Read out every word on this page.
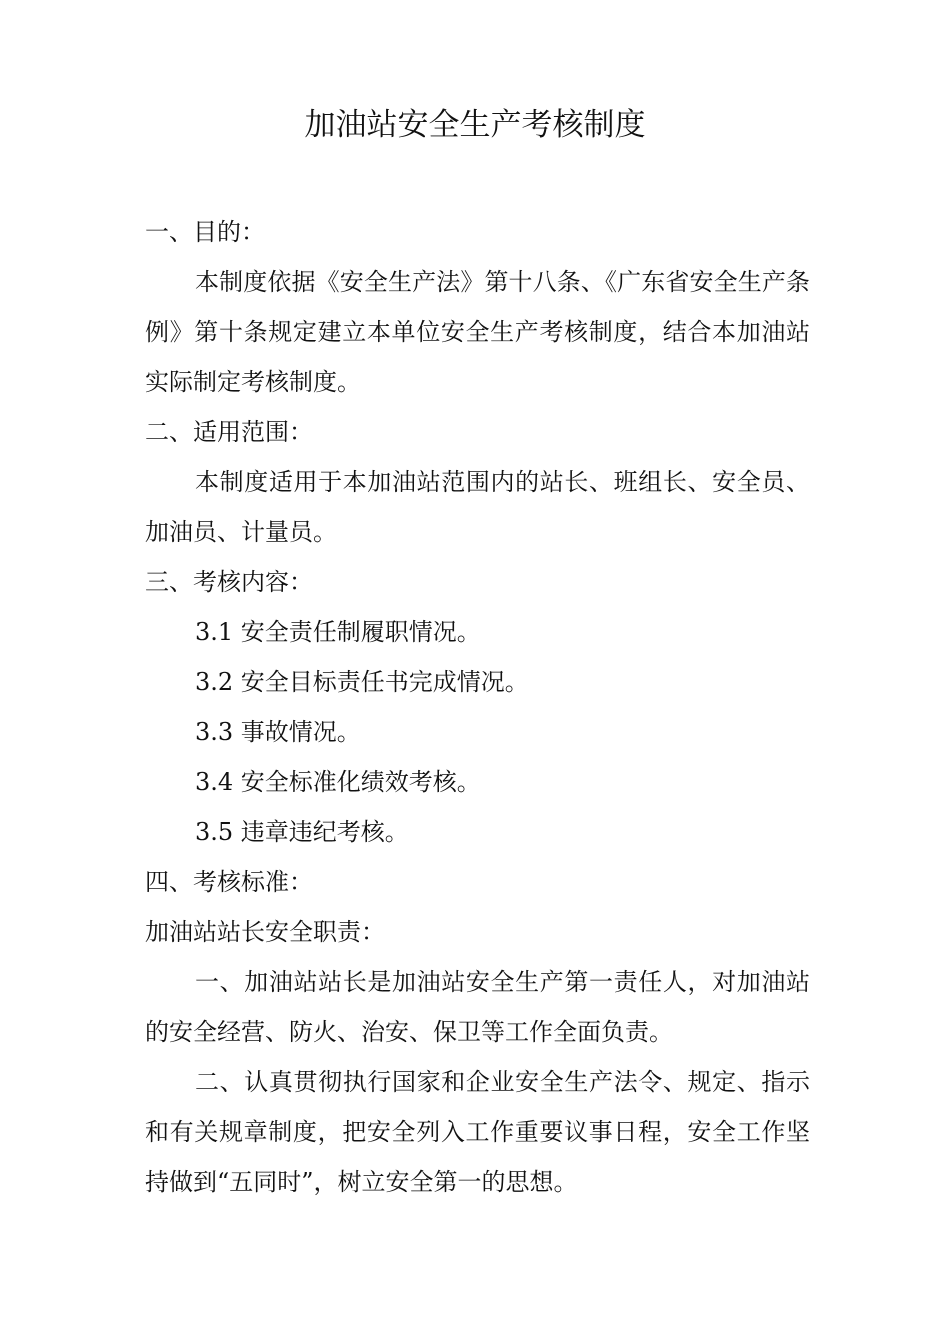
加油站安全生产考核制度

一、目的：

本制度依据《安全生产法》第十八条、《广东省安全生产条例》第十条规定建立本单位安全生产考核制度，结合本加油站实际制定考核制度。

二、适用范围：

本制度适用于本加油站范围内的站长、班组长、安全员、加油员、计量员。

三、考核内容：

3.1 安全责任制履职情况。

3.2 安全目标责任书完成情况。

3.3 事故情况。

3.4 安全标准化绩效考核。

3.5 违章违纪考核。

四、考核标准：

加油站站长安全职责：

一、加油站站长是加油站安全生产第一责任人，对加油站的安全经营、防火、治安、保卫等工作全面负责。

二、认真贯彻执行国家和企业安全生产法令、规定、指示和有关规章制度，把安全列入工作重要议事日程，安全工作坚持做到“五同时”，树立安全第一的思想。
